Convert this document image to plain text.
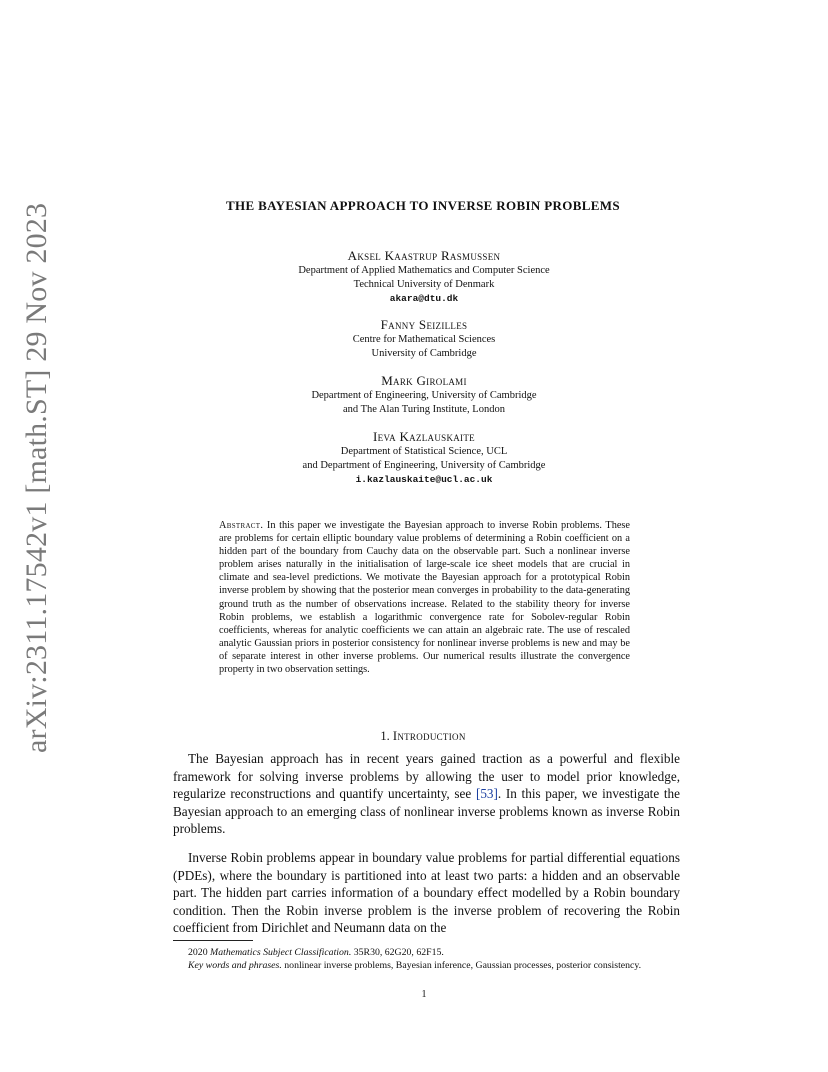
arXiv:2311.17542v1 [math.ST] 29 Nov 2023	THE BAYESIAN APPROACH TO INVERSE ROBIN PROBLEMS
Aksel Kaastrup Rasmussen
Department of Applied Mathematics and Computer Science
Technical University of Denmark
akara@dtu.dk
Fanny Seizilles
Centre for Mathematical Sciences
University of Cambridge
Mark Girolami
Department of Engineering, University of Cambridge
and The Alan Turing Institute, London
Ieva Kazlauskaite
Department of Statistical Science, UCL
and Department of Engineering, University of Cambridge
i.kazlauskaite@ucl.ac.uk
Abstract. In this paper we investigate the Bayesian approach to inverse Robin problems. These are problems for certain elliptic boundary value problems of determining a Robin coefficient on a hidden part of the boundary from Cauchy data on the observable part. Such a nonlinear inverse problem arises naturally in the initialisation of large-scale ice sheet models that are crucial in climate and sea-level predictions. We motivate the Bayesian approach for a prototypical Robin inverse problem by showing that the posterior mean converges in probability to the data-generating ground truth as the number of observations increase. Related to the stability theory for inverse Robin problems, we establish a logarithmic convergence rate for Sobolev-regular Robin coefficients, whereas for analytic coefficients we can attain an algebraic rate. The use of rescaled analytic Gaussian priors in posterior consistency for nonlinear inverse problems is new and may be of separate interest in other inverse problems. Our numerical results illustrate the convergence property in two observation settings.
1. Introduction
The Bayesian approach has in recent years gained traction as a powerful and flexible framework for solving inverse problems by allowing the user to model prior knowledge, regularize reconstructions and quantify uncertainty, see [53]. In this paper, we investigate the Bayesian approach to an emerging class of nonlinear inverse problems known as inverse Robin problems.
Inverse Robin problems appear in boundary value problems for partial differential equations (PDEs), where the boundary is partitioned into at least two parts: a hidden and an observable part. The hidden part carries information of a boundary effect modelled by a Robin boundary condition. Then the Robin inverse problem is the inverse problem of recovering the Robin coefficient from Dirichlet and Neumann data on the

2020 Mathematics Subject Classification. 35R30, 62G20, 62F15.

Key words and phrases. nonlinear inverse problems, Bayesian inference, Gaussian processes, posterior consistency.

1
